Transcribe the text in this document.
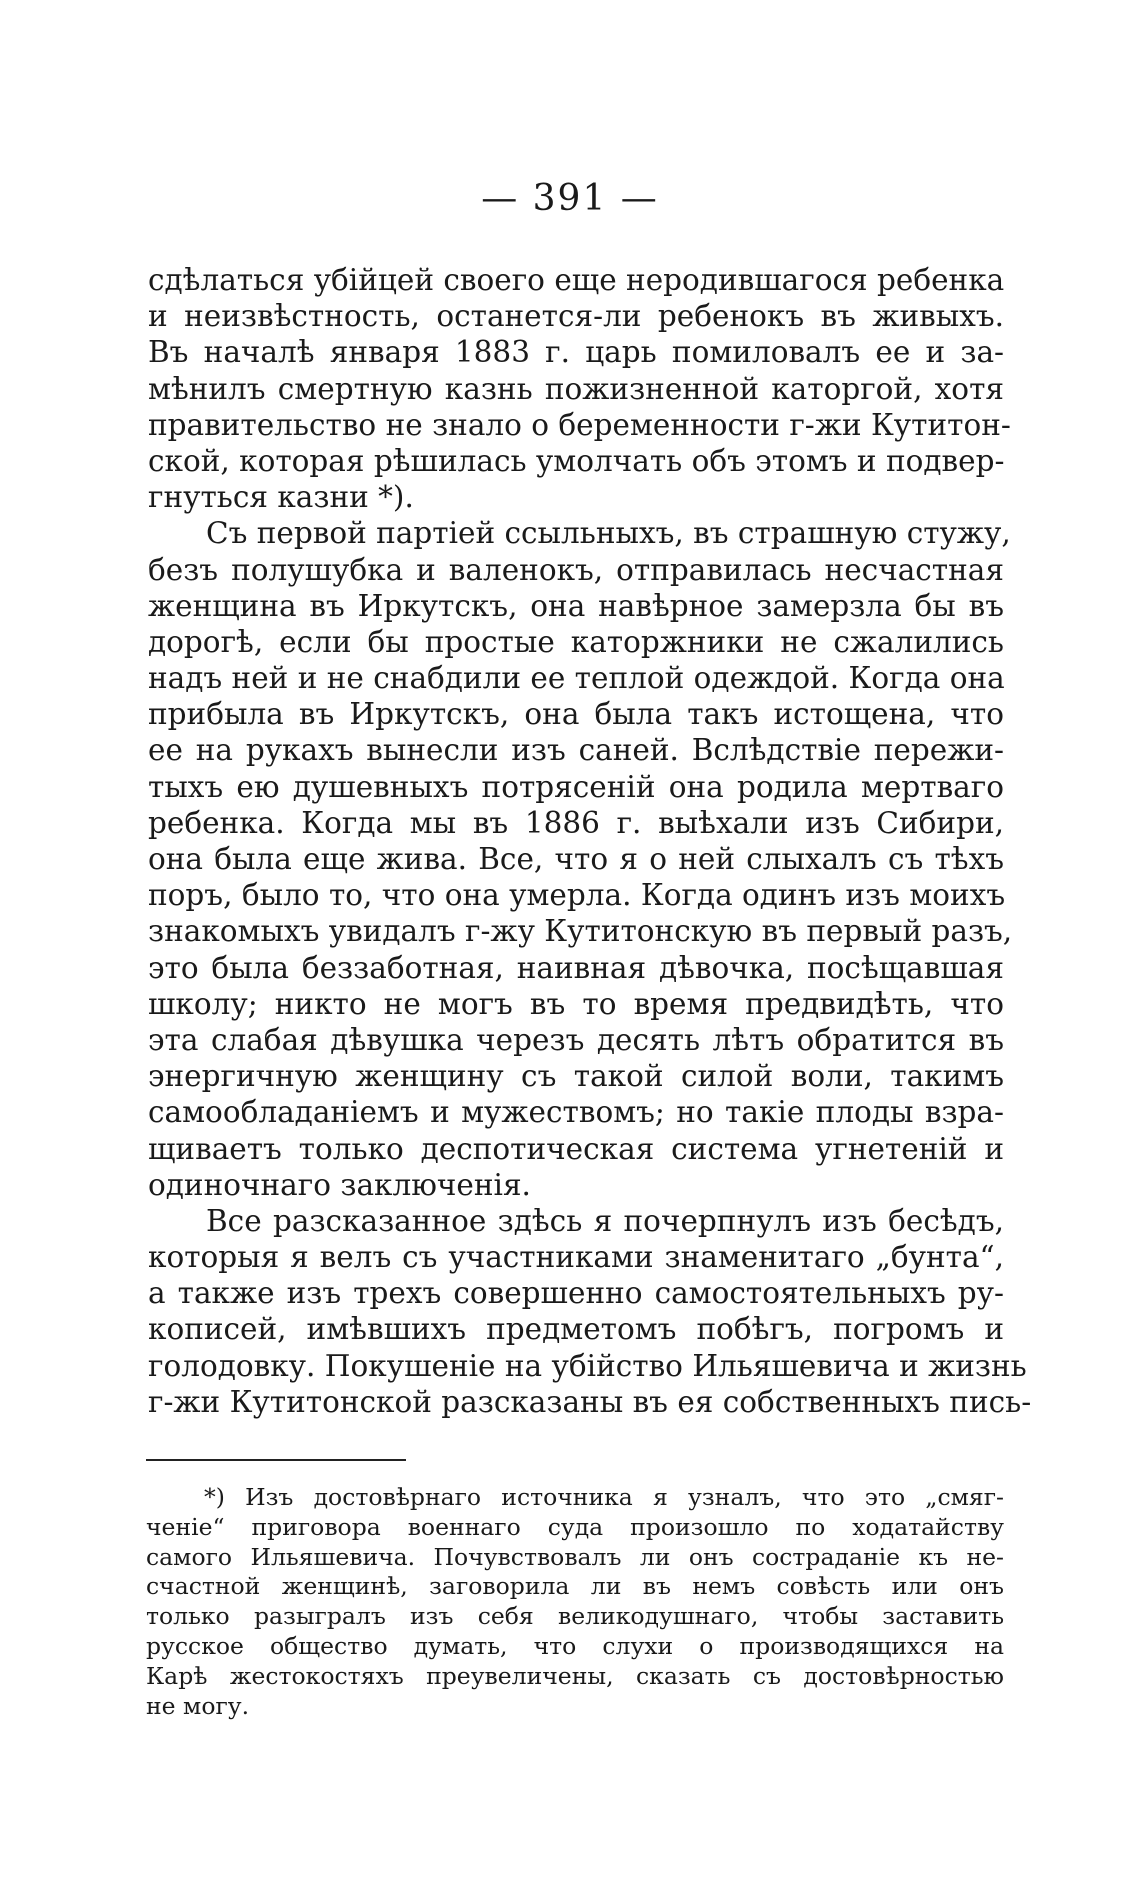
— 391 —
сдѣлаться убійцей своего еще неродившагося ребенка
и неизвѣстность, останется-ли ребенокъ въ живыхъ.
Въ началѣ января 1883 г. царь помиловалъ ее и за-
мѣнилъ смертную казнь пожизненной каторгой, хотя
правительство не знало о беременности г-жи Кутитон-
ской, которая рѣшилась умолчать объ этомъ и подвер-
гнуться казни *).
Съ первой партіей ссыльныхъ, въ страшную стужу,
безъ полушубка и валенокъ, отправилась несчастная
женщина въ Иркутскъ, она навѣрное замерзла бы въ
дорогѣ, если бы простые каторжники не сжалились
надъ ней и не снабдили ее теплой одеждой. Когда она
прибыла въ Иркутскъ, она была такъ истощена, что
ее на рукахъ вынесли изъ саней. Вслѣдствіе пережи-
тыхъ ею душевныхъ потрясеній она родила мертваго
ребенка. Когда мы въ 1886 г. выѣхали изъ Сибири,
она была еще жива. Все, что я о ней слыхалъ съ тѣхъ
поръ, было то, что она умерла. Когда одинъ изъ моихъ
знакомыхъ увидалъ г-жу Кутитонскую въ первый разъ,
это была беззаботная, наивная дѣвочка, посѣщавшая
школу; никто не могъ въ то время предвидѣть, что
эта слабая дѣвушка черезъ десять лѣтъ обратится въ
энергичную женщину съ такой силой воли, такимъ
самообладаніемъ и мужествомъ; но такіе плоды взра-
щиваетъ только деспотическая система угнетеній и
одиночнаго заключенія.
Все разсказанное здѣсь я почерпнулъ изъ бесѣдъ,
которыя я велъ съ участниками знаменитаго „бунта“,
а также изъ трехъ совершенно самостоятельныхъ ру-
кописей, имѣвшихъ предметомъ побѣгъ, погромъ и
голодовку. Покушеніе на убійство Ильяшевича и жизнь
г-жи Кутитонской разсказаны въ ея собственныхъ пись-
*) Изъ достовѣрнаго источника я узналъ, что это „смяг-
ченіе“ приговора военнаго суда произошло по ходатайству
самого Ильяшевича. Почувствовалъ ли онъ состраданіе къ не-
счастной женщинѣ, заговорила ли въ немъ совѣсть или онъ
только разыгралъ изъ себя великодушнаго, чтобы заставить
русское общество думать, что слухи о производящихся на
Карѣ жестокостяхъ преувеличены, сказать съ достовѣрностью
не могу.
